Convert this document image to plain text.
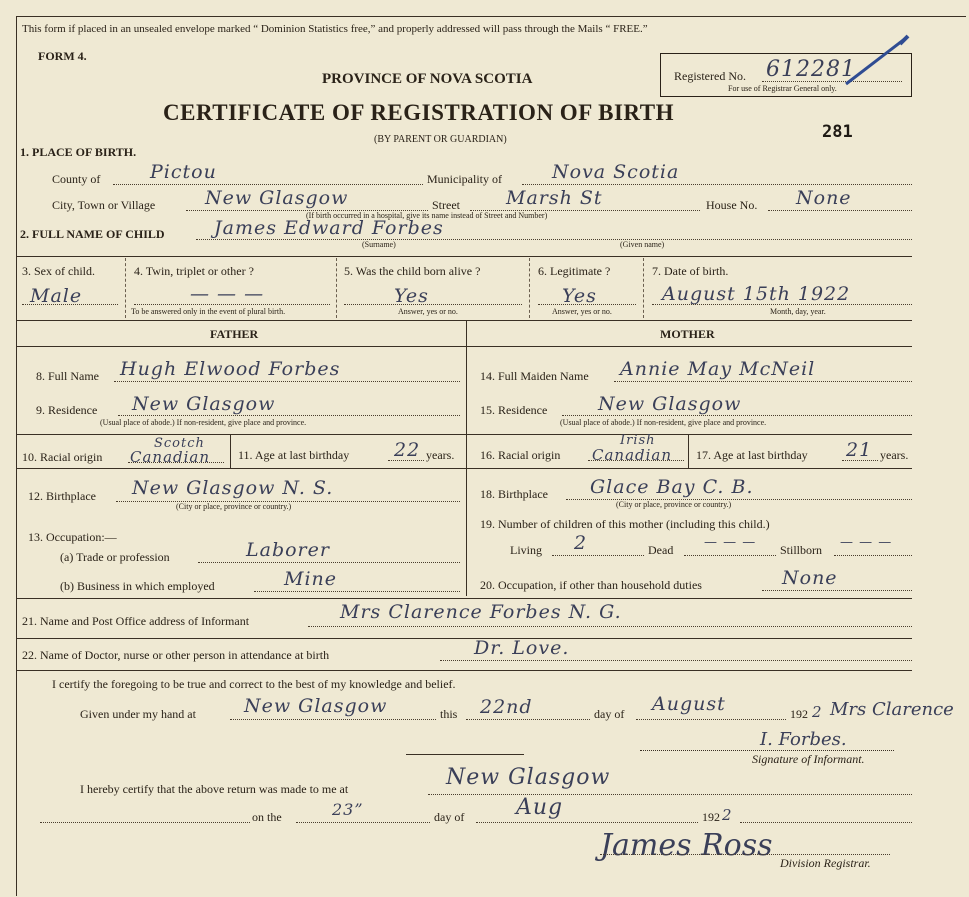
This form if placed in an unsealed envelope marked “ Dominion Statistics free,” and properly addressed will pass through the Mails “ FREE.”
FORM 4.
PROVINCE OF NOVA SCOTIA
CERTIFICATE OF REGISTRATION OF BIRTH
(BY PARENT OR GUARDIAN)
Registered No. 612281
For use of Registrar General only.
281
1. PLACE OF BIRTH.
County of	Pictou	Municipality of	Nova Scotia
City, Town or Village	New Glasgow	Street Marsh St	House No. None
(If birth occurred in a hospital, give its name instead of Street and Number)
2. FULL NAME OF CHILD	James Edward Forbes
(Surname)	(Given name)
3. Sex of child.
Male
4. Twin, triplet or other ?
— — —
To be answered only in the event of plural birth.
5. Was the child born alive ?
Yes
Answer, yes or no.
6. Legitimate ?
Yes
Answer, yes or no.
7. Date of birth.
August 15th 1922
Month, day, year.
FATHER	MOTHER
8. Full Name Hugh Elwood Forbes
9. Residence New Glasgow
(Usual place of abode.) If non-resident, give place and province.
10. Racial origin
Scotch
Canadian 11. Age at last birthday 22 years.
12. Birthplace New Glasgow N. S.
(City or place, province or country.)
13. Occupation:—
(a) Trade or profession	Laborer
(b) Business in which employed	Mine
14. Full Maiden Name Annie May McNeil
15. Residence	New Glasgow
(Usual place of abode.) If non-resident, give place and province.
16. Racial origin
Irish
Canadian 17. Age at last birthday 21 years.
18. Birthplace Glace Bay C. B.
(City or place, province or country.)
19. Number of children of this mother (including this child.)
Living 2	Dead — — — Stillborn — — —
20. Occupation, if other than household duties	None
21. Name and Post Office address of Informant	Mrs Clarence Forbes N. G.
22. Name of Doctor, nurse or other person in attendance at birth	Dr. Love.
I certify the foregoing to be true and correct to the best of my knowledge and belief.
Given under my hand at	New Glasgow	this 22nd	day of August	192 2 Mrs Clarence
I. Forbes.
Signature of Informant.
I hereby certify that the above return was made to me at	New Glasgow
on the	23”	day of Aug	192 2
James Ross Division Registrar.
